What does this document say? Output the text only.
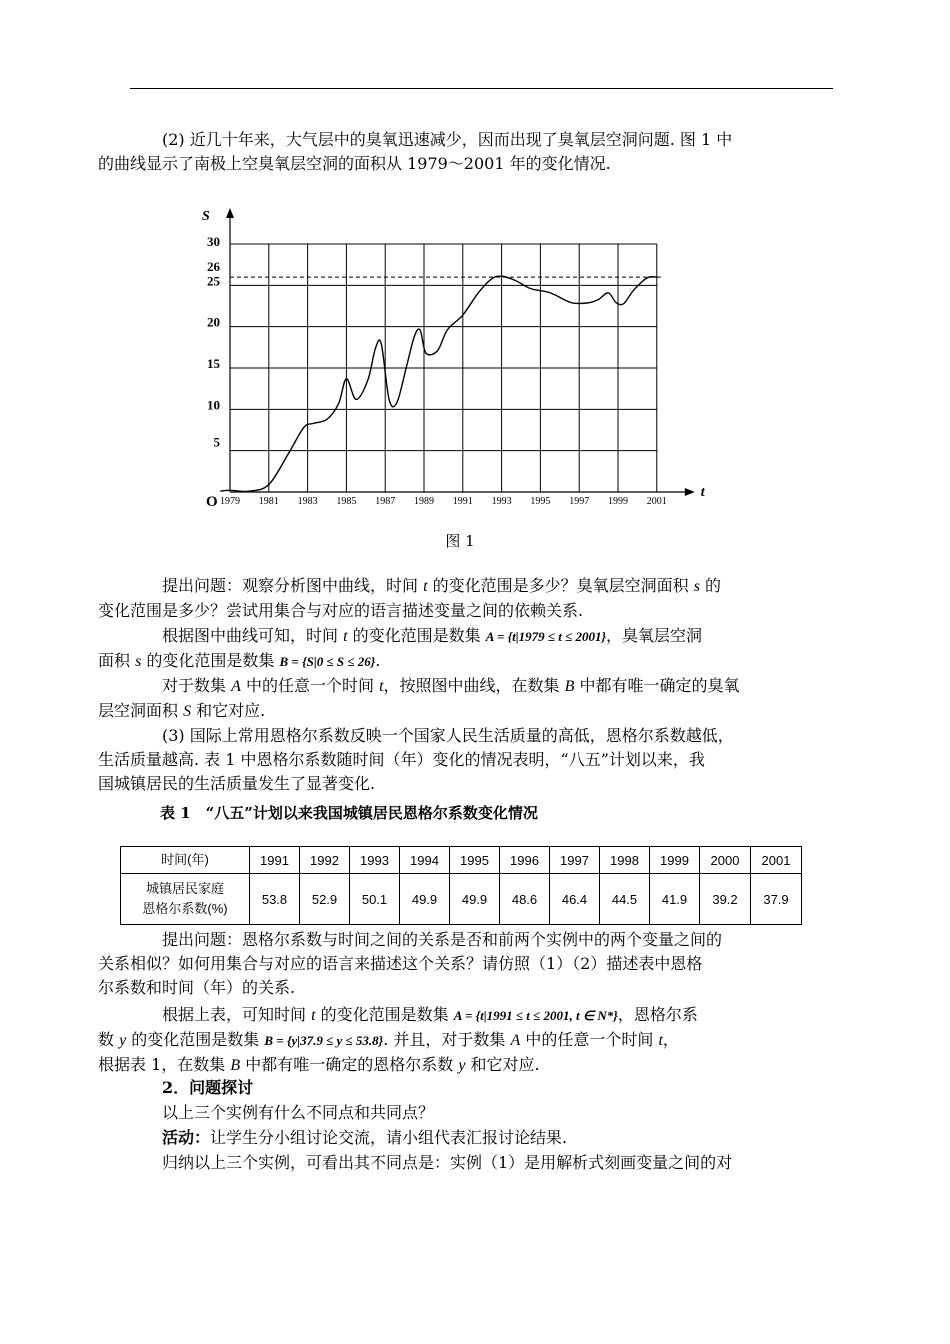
(2) 近几十年来，大气层中的臭氧迅速减少，因而出现了臭氧层空洞问题. 图 1 中
的曲线显示了南极上空臭氧层空洞的面积从 1979～2001 年的变化情况.

S
t
O
5
10
15
20
25
26
30
1979 1981 1983 1985 1987 1989 1991 1993 1995 1997 1999 2001
图 1

提出问题：观察分析图中曲线，时间 t 的变化范围是多少？臭氧层空洞面积 s 的
变化范围是多少？尝试用集合与对应的语言描述变量之间的依赖关系.

根据图中曲线可知，时间 t 的变化范围是数集 A = {t|1979 ≤ t ≤ 2001}，臭氧层空洞
面积 s 的变化范围是数集 B = {S|0 ≤ S ≤ 26}.

对于数集 A 中的任意一个时间 t，按照图中曲线，在数集 B 中都有唯一确定的臭氧
层空洞面积 S 和它对应.

(3) 国际上常用恩格尔系数反映一个国家人民生活质量的高低，恩格尔系数越低，
生活质量越高. 表 1 中恩格尔系数随时间（年）变化的情况表明，“八五”计划以来，我
国城镇居民的生活质量发生了显著变化.

表 1　“八五”计划以来我国城镇居民恩格尔系数变化情况
时间(年)	1991	1992	1993	1994	1995	1996	1997	1998	1999	2000	2001
城镇居民家庭
恩格尔系数(%)	53.8	52.9	50.1	49.9	49.9	48.6	46.4	44.5	41.9	39.2	37.9

提出问题：恩格尔系数与时间之间的关系是否和前两个实例中的两个变量之间的
关系相似？如何用集合与对应的语言来描述这个关系？请仿照（1）（2）描述表中恩格
尔系数和时间（年）的关系.

根据上表，可知时间 t 的变化范围是数集 A = {t|1991 ≤ t ≤ 2001, t ∈ N*}，恩格尔系
数 y 的变化范围是数集 B = {y|37.9 ≤ y ≤ 53.8}. 并且，对于数集 A 中的任意一个时间 t，
根据表 1，在数集 B 中都有唯一确定的恩格尔系数 y 和它对应.

2．问题探讨

以上三个实例有什么不同点和共同点？

活动：让学生分小组讨论交流，请小组代表汇报讨论结果.

归纳以上三个实例，可看出其不同点是：实例（1）是用解析式刻画变量之间的对
